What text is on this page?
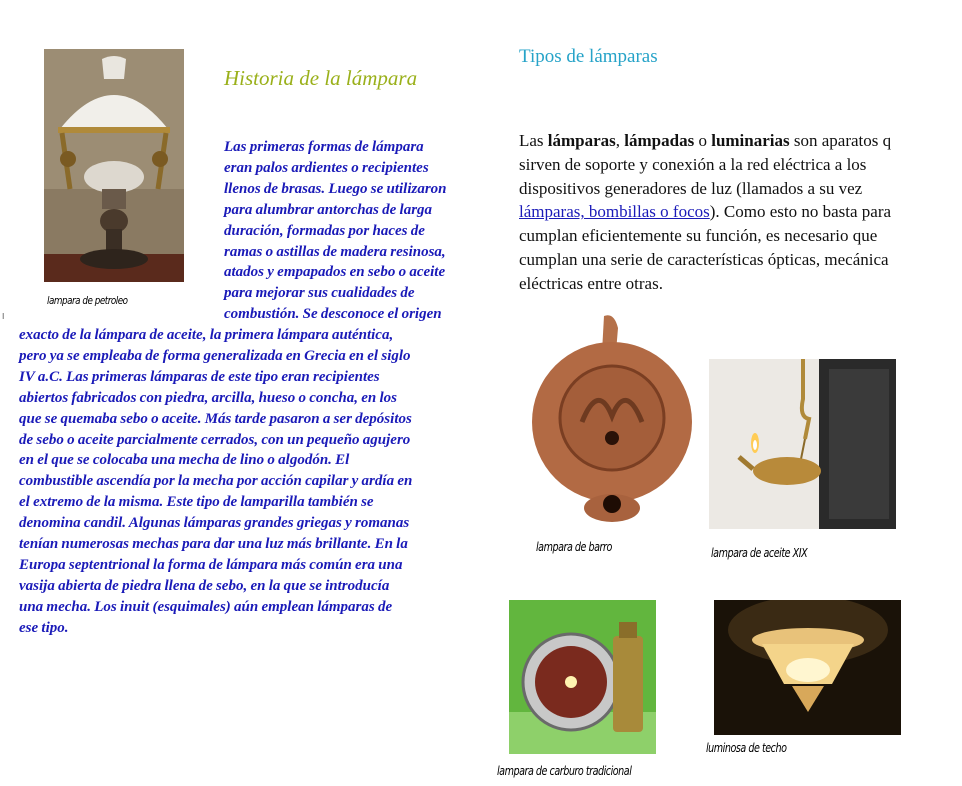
lampara de petroleo
I
Historia de la lámpara

Las primeras formas de lámpara
eran palos ardientes o recipientes
llenos de brasas. Luego se utilizaron
para alumbrar antorchas de larga
duración, formadas por haces de
ramas o astillas de madera resinosa,
atados y empapados en sebo o aceite
para mejorar sus cualidades de
combustión. Se desconoce el origen

exacto de la lámpara de aceite, la primera lámpara auténtica,
pero ya se empleaba de forma generalizada en Grecia en el siglo
IV a.C. Las primeras lámparas de este tipo eran recipientes
abiertos fabricados con piedra, arcilla, hueso o concha, en los
que se quemaba sebo o aceite. Más tarde pasaron a ser depósitos
de sebo o aceite parcialmente cerrados, con un pequeño agujero
en el que se colocaba una mecha de lino o algodón. El
combustible ascendía por la mecha por acción capilar y ardía en
el extremo de la misma. Este tipo de lamparilla también se
denomina candil. Algunas lámparas grandes griegas y romanas
tenían numerosas mechas para dar una luz más brillante. En la
Europa septentrional la forma de lámpara más común era una
vasija abierta de piedra llena de sebo, en la que se introducía
una mecha. Los inuit (esquimales) aún emplean lámparas de
ese tipo.

Tipos de lámparas

Las lámparas, lámpadas o luminarias son aparatos q
sirven de soporte y conexión a la red eléctrica a los
dispositivos generadores de luz (llamados a su vez
lámparas, bombillas o focos). Como esto no basta para
cumplan eficientemente su función, es necesario que
cumplan una serie de características ópticas, mecánica
eléctricas entre otras.

lampara de barro	lampara de aceite XIX
lampara de carburo tradicional
luminosa de techo
